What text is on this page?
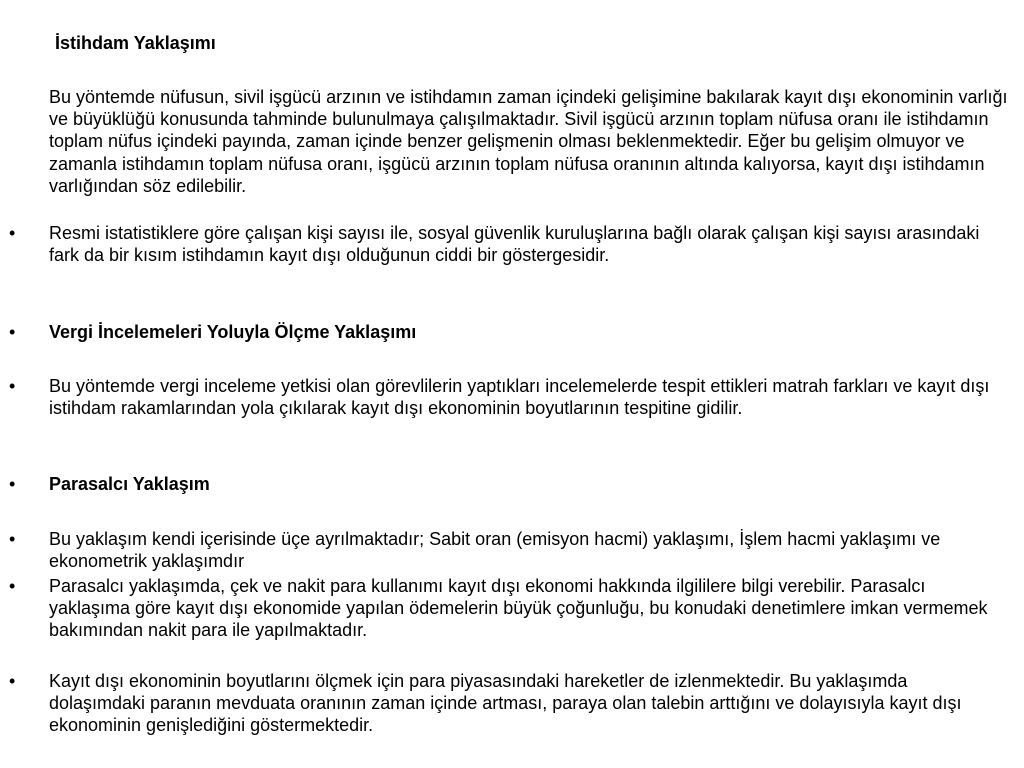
İstihdam Yaklaşımı

Bu yöntemde nüfusun, sivil işgücü arzının ve istihdamın zaman içindeki gelişimine bakılarak kayıt dışı ekonominin varlığı ve büyüklüğü konusunda tahminde bulunulmaya çalışılmaktadır. Sivil işgücü arzının toplam nüfusa oranı ile istihdamın toplam nüfus içindeki payında, zaman içinde benzer gelişmenin olması beklenmektedir. Eğer bu gelişim olmuyor ve zamanla istihdamın toplam nüfusa oranı, işgücü arzının toplam nüfusa oranının altında kalıyorsa, kayıt dışı istihdamın varlığından söz edilebilir.

• Resmi istatistiklere göre çalışan kişi sayısı ile, sosyal güvenlik kuruluşlarına bağlı olarak çalışan kişi sayısı arasındaki fark da bir kısım istihdamın kayıt dışı olduğunun ciddi bir göstergesidir.
• Vergi İncelemeleri Yoluyla Ölçme Yaklaşımı
• Bu yöntemde vergi inceleme yetkisi olan görevlilerin yaptıkları incelemelerde tespit ettikleri matrah farkları ve kayıt dışı istihdam rakamlarından yola çıkılarak kayıt dışı ekonominin boyutlarının tespitine gidilir.
• Parasalcı Yaklaşım
• Bu yaklaşım kendi içerisinde üçe ayrılmaktadır; Sabit oran (emisyon hacmi) yaklaşımı, İşlem hacmi yaklaşımı ve ekonometrik yaklaşımdır
• Parasalcı yaklaşımda, çek ve nakit para kullanımı kayıt dışı ekonomi hakkında ilgililere bilgi verebilir. Parasalcı yaklaşıma göre kayıt dışı ekonomide yapılan ödemelerin büyük çoğunluğu, bu konudaki denetimlere imkan vermemek bakımından nakit para ile yapılmaktadır.
• Kayıt dışı ekonominin boyutlarını ölçmek için para piyasasındaki hareketler de izlenmektedir. Bu yaklaşımda dolaşımdaki paranın mevduata oranının zaman içinde artması, paraya olan talebin arttığını ve dolayısıyla kayıt dışı ekonominin genişlediğini göstermektedir.
